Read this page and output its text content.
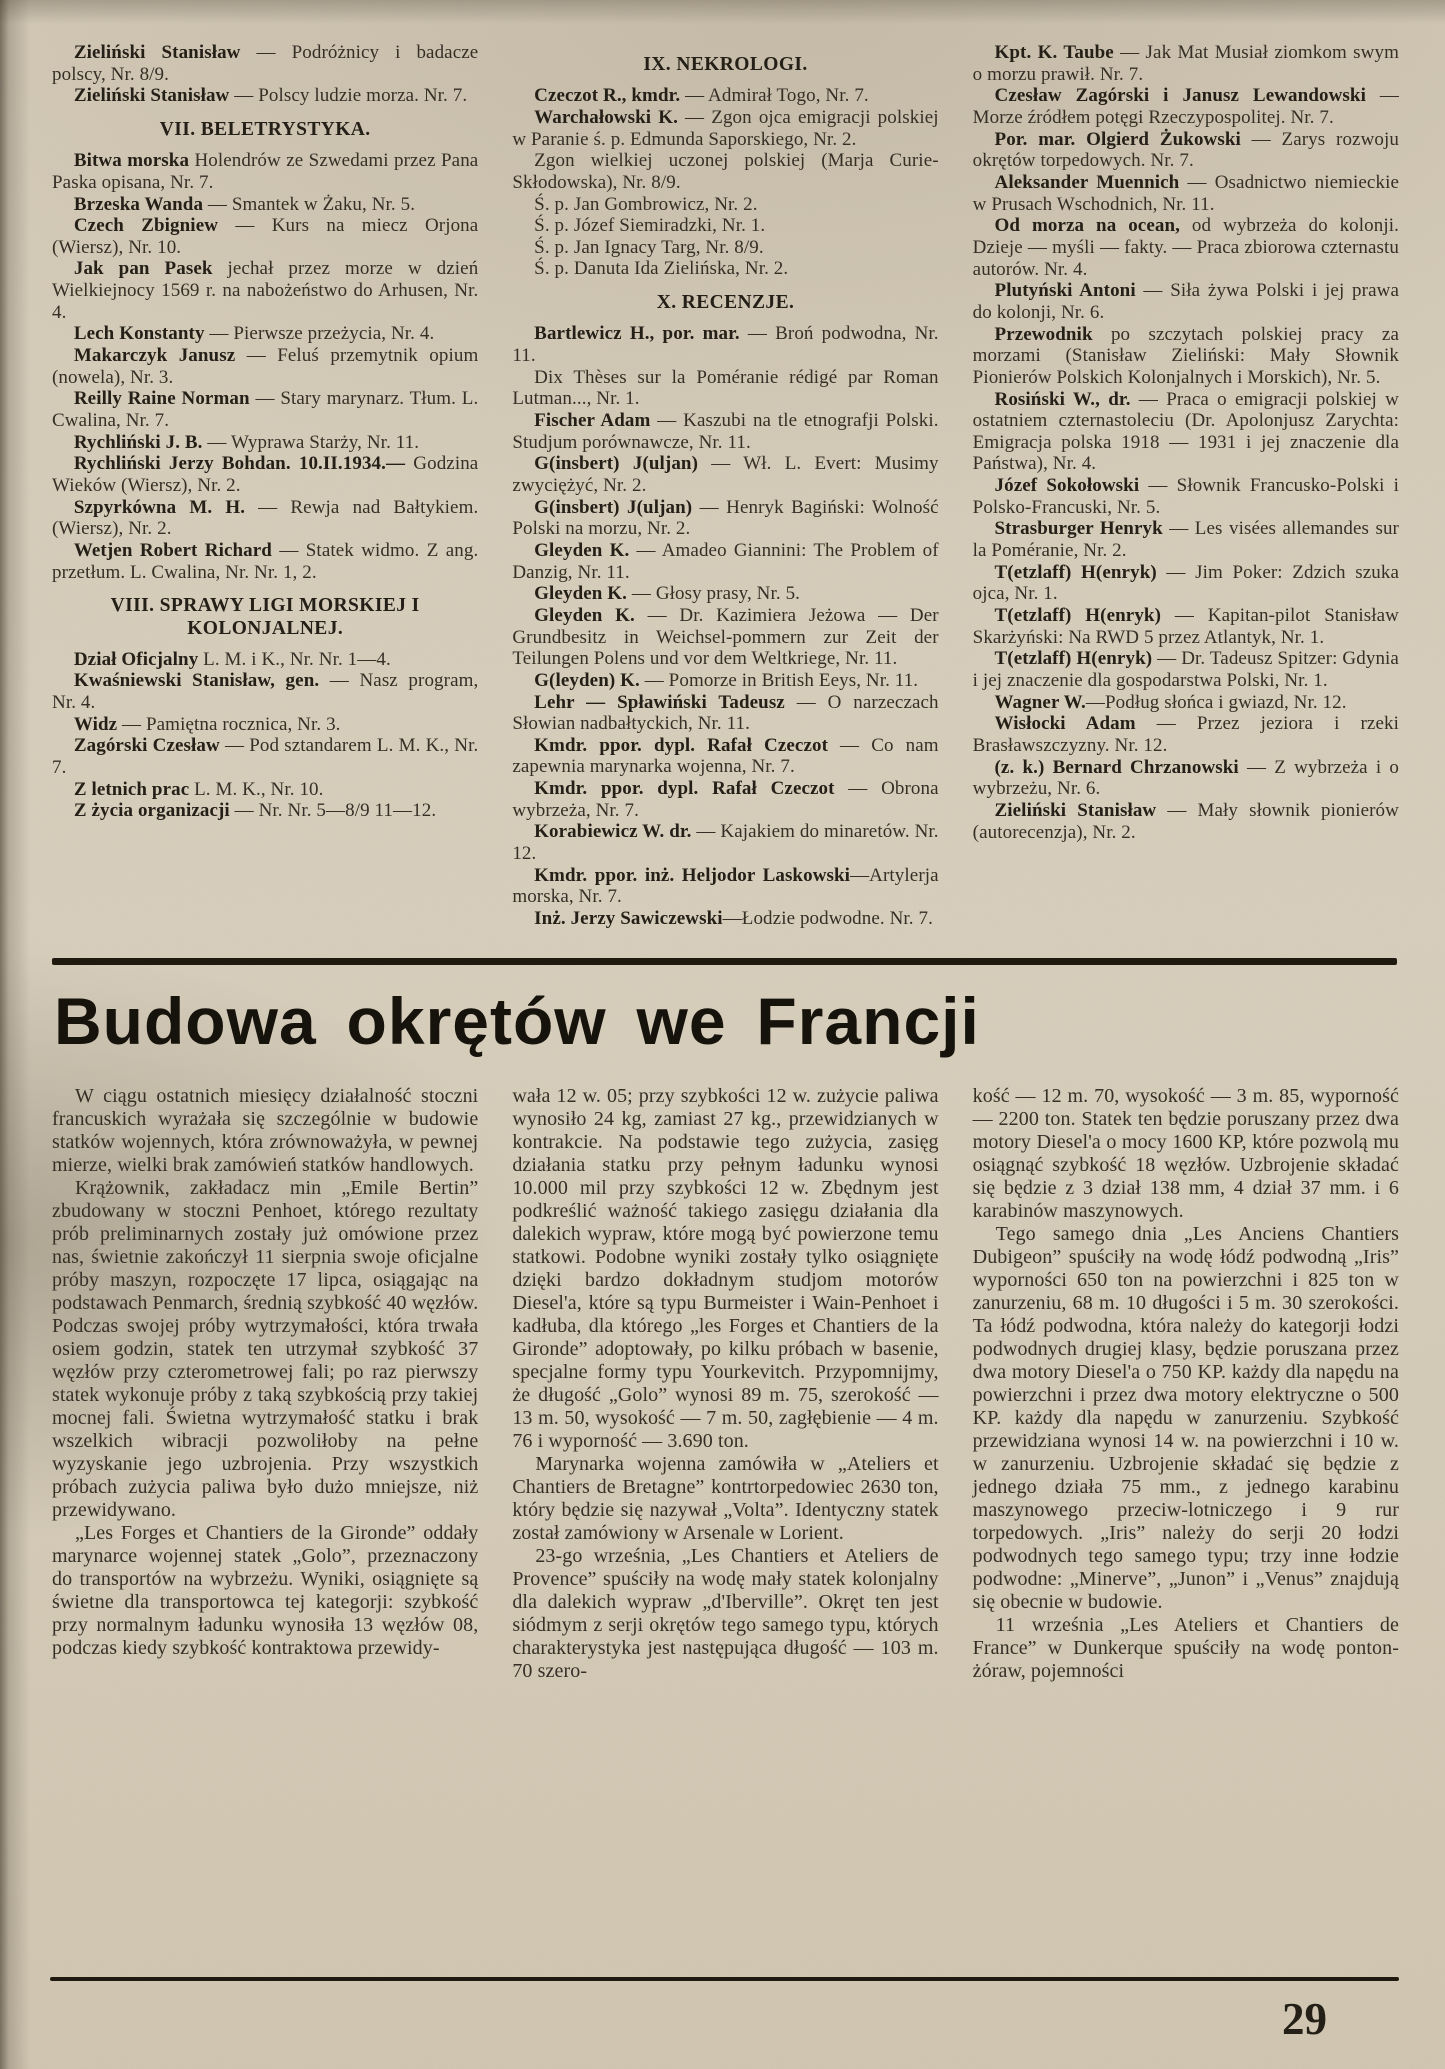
Zieliński Stanisław — Podróżnicy i badacze polscy, Nr. 8/9.

Zieliński Stanisław — Polscy ludzie morza. Nr. 7.

VII. BELETRYSTYKA.

Bitwa morska Holendrów ze Szwedami przez Pana Paska opisana, Nr. 7.

Brzeska Wanda — Smantek w Żaku, Nr. 5.

Czech Zbigniew — Kurs na miecz Orjona (Wiersz), Nr. 10.

Jak pan Pasek jechał przez morze w dzień Wielkiejnocy 1569 r. na nabożeństwo do Arhusen, Nr. 4.

Lech Konstanty — Pierwsze przeżycia, Nr. 4.

Makarczyk Janusz — Feluś przemytnik opium (nowela), Nr. 3.

Reilly Raine Norman — Stary marynarz. Tłum. L. Cwalina, Nr. 7.

Rychliński J. B. — Wyprawa Starży, Nr. 11.

Rychliński Jerzy Bohdan. 10.II.1934.— Godzina Wieków (Wiersz), Nr. 2.

Szpyrkówna M. H. — Rewja nad Bałtykiem. (Wiersz), Nr. 2.

Wetjen Robert Richard — Statek widmo. Z ang. przetłum. L. Cwalina, Nr. Nr. 1, 2.

VIII. SPRAWY LIGI MORSKIEJ I KOLONJALNEJ.

Dział Oficjalny L. M. i K., Nr. Nr. 1—4.

Kwaśniewski Stanisław, gen. — Nasz program, Nr. 4.

Widz — Pamiętna rocznica, Nr. 3.

Zagórski Czesław — Pod sztandarem L. M. K., Nr. 7.

Z letnich prac L. M. K., Nr. 10.

Z życia organizacji — Nr. Nr. 5—8/9 11—12.

IX. NEKROLOGI.

Czeczot R., kmdr. — Admirał Togo, Nr. 7.

Warchałowski K. — Zgon ojca emigracji polskiej w Paranie ś. p. Edmunda Saporskiego, Nr. 2.

Zgon wielkiej uczonej polskiej (Marja Curie-Skłodowska), Nr. 8/9.

Ś. p. Jan Gombrowicz, Nr. 2.

Ś. p. Józef Siemiradzki, Nr. 1.

Ś. p. Jan Ignacy Targ, Nr. 8/9.

Ś. p. Danuta Ida Zielińska, Nr. 2.

X. RECENZJE.

Bartlewicz H., por. mar. — Broń podwodna, Nr. 11.

Dix Thèses sur la Poméranie rédigé par Roman Lutman..., Nr. 1.

Fischer Adam — Kaszubi na tle etnografji Polski. Studjum porównawcze, Nr. 11.

G(insbert) J(uljan) — Wł. L. Evert: Musimy zwyciężyć, Nr. 2.

G(insbert) J(uljan) — Henryk Bagiński: Wolność Polski na morzu, Nr. 2.

Gleyden K. — Amadeo Giannini: The Problem of Danzig, Nr. 11.

Gleyden K. — Głosy prasy, Nr. 5.

Gleyden K. — Dr. Kazimiera Jeżowa — Der Grundbesitz in Weichsel-pommern zur Zeit der Teilungen Polens und vor dem Weltkriege, Nr. 11.

G(leyden) K. — Pomorze in British Eeys, Nr. 11.

Lehr — Spławiński Tadeusz — O narzeczach Słowian nadbałtyckich, Nr. 11.

Kmdr. ppor. dypl. Rafał Czeczot — Co nam zapewnia marynarka wojenna, Nr. 7.

Kmdr. ppor. dypl. Rafał Czeczot — Obrona wybrzeża, Nr. 7.

Korabiewicz W. dr. — Kajakiem do minaretów. Nr. 12.

Kmdr. ppor. inż. Heljodor Laskowski—Artylerja morska, Nr. 7.

Inż. Jerzy Sawiczewski—Łodzie podwodne. Nr. 7.

Kpt. K. Taube — Jak Mat Musiał ziomkom swym o morzu prawił. Nr. 7.

Czesław Zagórski i Janusz Lewandowski — Morze źródłem potęgi Rzeczypospolitej. Nr. 7.

Por. mar. Olgierd Żukowski — Zarys rozwoju okrętów torpedowych. Nr. 7.

Aleksander Muennich — Osadnictwo niemieckie w Prusach Wschodnich, Nr. 11.

Od morza na ocean, od wybrzeża do kolonji. Dzieje — myśli — fakty. — Praca zbiorowa czternastu autorów. Nr. 4.

Plutyński Antoni — Siła żywa Polski i jej prawa do kolonji, Nr. 6.

Przewodnik po szczytach polskiej pracy za morzami (Stanisław Zieliński: Mały Słownik Pionierów Polskich Kolonjalnych i Morskich), Nr. 5.

Rosiński W., dr. — Praca o emigracji polskiej w ostatniem czternastoleciu (Dr. Apolonjusz Zarychta: Emigracja polska 1918 — 1931 i jej znaczenie dla Państwa), Nr. 4.

Józef Sokołowski — Słownik Francusko-Polski i Polsko-Francuski, Nr. 5.

Strasburger Henryk — Les visées allemandes sur la Poméranie, Nr. 2.

T(etzlaff) H(enryk) — Jim Poker: Zdzich szuka ojca, Nr. 1.

T(etzlaff) H(enryk) — Kapitan-pilot Stanisław Skarżyński: Na RWD 5 przez Atlantyk, Nr. 1.

T(etzlaff) H(enryk) — Dr. Tadeusz Spitzer: Gdynia i jej znaczenie dla gospodarstwa Polski, Nr. 1.

Wagner W.—Podług słońca i gwiazd, Nr. 12.

Wisłocki Adam — Przez jeziora i rzeki Brasławszczyzny. Nr. 12.

(z. k.) Bernard Chrzanowski — Z wybrzeża i o wybrzeżu, Nr. 6.

Zieliński Stanisław — Mały słownik pionierów (autorecenzja), Nr. 2.

Budowa okrętów we Francji

W ciągu ostatnich miesięcy działalność stoczni francuskich wyrażała się szczególnie w budowie statków wojennych, która zrównoważyła, w pewnej mierze, wielki brak zamówień statków handlowych.

Krążownik, zakładacz min „Emile Bertin” zbudowany w stoczni Penhoet, którego rezultaty prób preliminarnych zostały już omówione przez nas, świetnie zakończył 11 sierpnia swoje oficjalne próby maszyn, rozpoczęte 17 lipca, osiągając na podstawach Penmarch, średnią szybkość 40 węzłów. Podczas swojej próby wytrzymałości, która trwała osiem godzin, statek ten utrzymał szybkość 37 węzłów przy czterometrowej fali; po raz pierwszy statek wykonuje próby z taką szybkością przy takiej mocnej fali. Świetna wytrzymałość statku i brak wszelkich wibracji pozwoliłoby na pełne wyzyskanie jego uzbrojenia. Przy wszystkich próbach zużycia paliwa było dużo mniejsze, niż przewidywano.

„Les Forges et Chantiers de la Gironde” oddały marynarce wojennej statek „Golo”, przeznaczony do transportów na wybrzeżu. Wyniki, osiągnięte są świetne dla transportowca tej kategorji: szybkość przy normalnym ładunku wynosiła 13 węzłów 08, podczas kiedy szybkość kontraktowa przewidy-

wała 12 w. 05; przy szybkości 12 w. zużycie paliwa wynosiło 24 kg, zamiast 27 kg., przewidzianych w kontrakcie. Na podstawie tego zużycia, zasięg działania statku przy pełnym ładunku wynosi 10.000 mil przy szybkości 12 w. Zbędnym jest podkreślić ważność takiego zasięgu działania dla dalekich wypraw, które mogą być powierzone temu statkowi. Podobne wyniki zostały tylko osiągnięte dzięki bardzo dokładnym studjom motorów Diesel'a, które są typu Burmeister i Wain-Penhoet i kadłuba, dla którego „les Forges et Chantiers de la Gironde” adoptowały, po kilku próbach w basenie, specjalne formy typu Yourkevitch. Przypomnijmy, że długość „Golo” wynosi 89 m. 75, szerokość — 13 m. 50, wysokość — 7 m. 50, zagłębienie — 4 m. 76 i wyporność — 3.690 ton.

Marynarka wojenna zamówiła w „Ateliers et Chantiers de Bretagne” kontrtorpedowiec 2630 ton, który będzie się nazywał „Volta”. Identyczny statek został zamówiony w Arsenale w Lorient.

23-go września, „Les Chantiers et Ateliers de Provence” spuściły na wodę mały statek kolonjalny dla dalekich wypraw „d'Iberville”. Okręt ten jest siódmym z serji okrętów tego samego typu, których charakterystyka jest następująca długość — 103 m. 70 szero-

kość — 12 m. 70, wysokość — 3 m. 85, wyporność — 2200 ton. Statek ten będzie poruszany przez dwa motory Diesel'a o mocy 1600 KP, które pozwolą mu osiągnąć szybkość 18 węzłów. Uzbrojenie składać się będzie z 3 dział 138 mm, 4 dział 37 mm. i 6 karabinów maszynowych.

Tego samego dnia „Les Anciens Chantiers Dubigeon” spuściły na wodę łódź podwodną „Iris” wyporności 650 ton na powierzchni i 825 ton w zanurzeniu, 68 m. 10 długości i 5 m. 30 szerokości. Ta łódź podwodna, która należy do kategorji łodzi podwodnych drugiej klasy, będzie poruszana przez dwa motory Diesel'a o 750 KP. każdy dla napędu na powierzchni i przez dwa motory elektryczne o 500 KP. każdy dla napędu w zanurzeniu. Szybkość przewidziana wynosi 14 w. na powierzchni i 10 w. w zanurzeniu. Uzbrojenie składać się będzie z jednego działa 75 mm., z jednego karabinu maszynowego przeciw-lotniczego i 9 rur torpedowych. „Iris” należy do serji 20 łodzi podwodnych tego samego typu; trzy inne łodzie podwodne: „Minerve”, „Junon” i „Venus” znajdują się obecnie w budowie.

11 września „Les Ateliers et Chantiers de France” w Dunkerque spuściły na wodę ponton-żóraw, pojemności

29
